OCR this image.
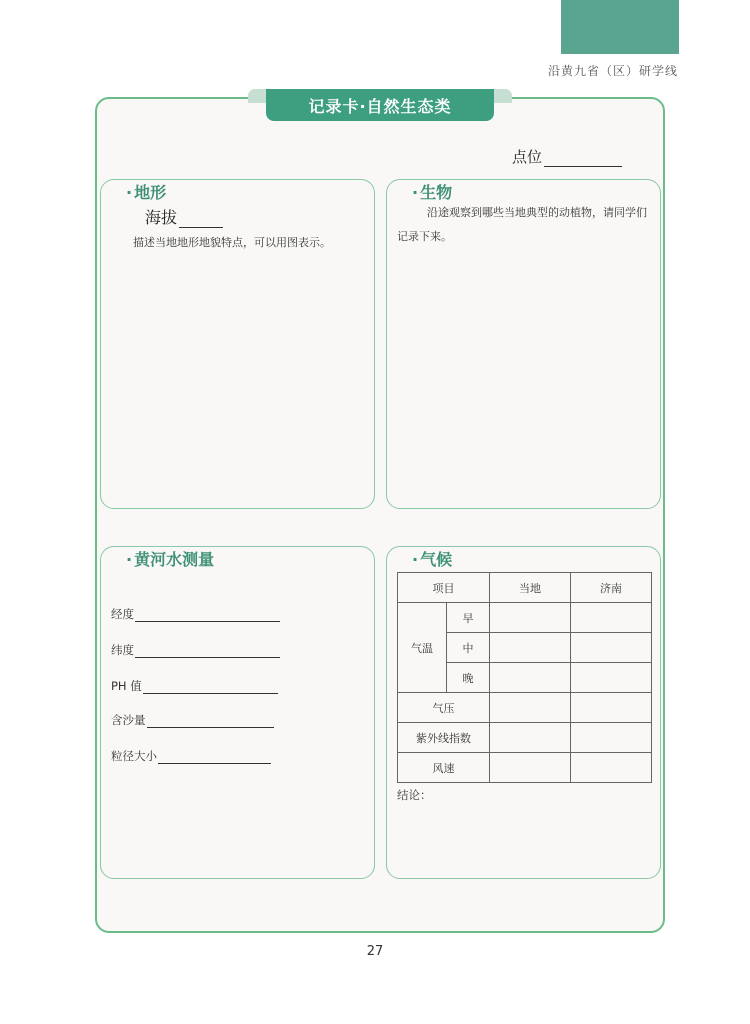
沿黄九省（区）研学线
记录卡·自然生态类
点位
· 地形
海拔
描述当地地形地貌特点，可以用图表示。
· 生物
沿途观察到哪些当地典型的动植物，请同学们记录下来。
· 黄河水测量
经度
纬度
PH 值
含沙量
粒径大小
· 气候
项目		当地	济南
气温	早		
	中		
	晚		
气压			
紫外线指数			
风速			
结论：
27
